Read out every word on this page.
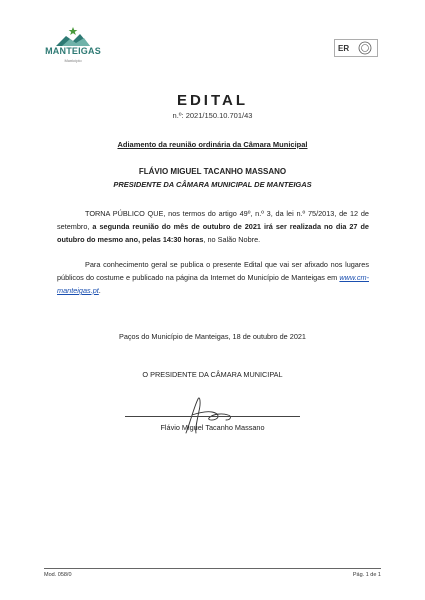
MANTEIGAS
Município
ER
EDITAL
n.º: 2021/150.10.701/43
Adiamento da reunião ordinária da Câmara Municipal
FLÁVIO MIGUEL TACANHO MASSANO
PRESIDENTE DA CÂMARA MUNICIPAL DE MANTEIGAS
TORNA PÚBLICO QUE, nos termos do artigo 49º, n.º 3, da lei n.º 75/2013, de 12 de setembro, a segunda reunião do mês de outubro de 2021 irá ser realizada no dia 27 de outubro do mesmo ano, pelas 14:30 horas, no Salão Nobre.
Para conhecimento geral se publica o presente Edital que vai ser afixado nos lugares públicos do costume e publicado na página da Internet do Município de Manteigas em www.cm-manteigas.pt.
Paços do Município de Manteigas, 18 de outubro de 2021
O PRESIDENTE DA CÂMARA MUNICIPAL
Flávio Miguel Tacanho Massano
Mod. 058/0	Pág. 1 de 1
